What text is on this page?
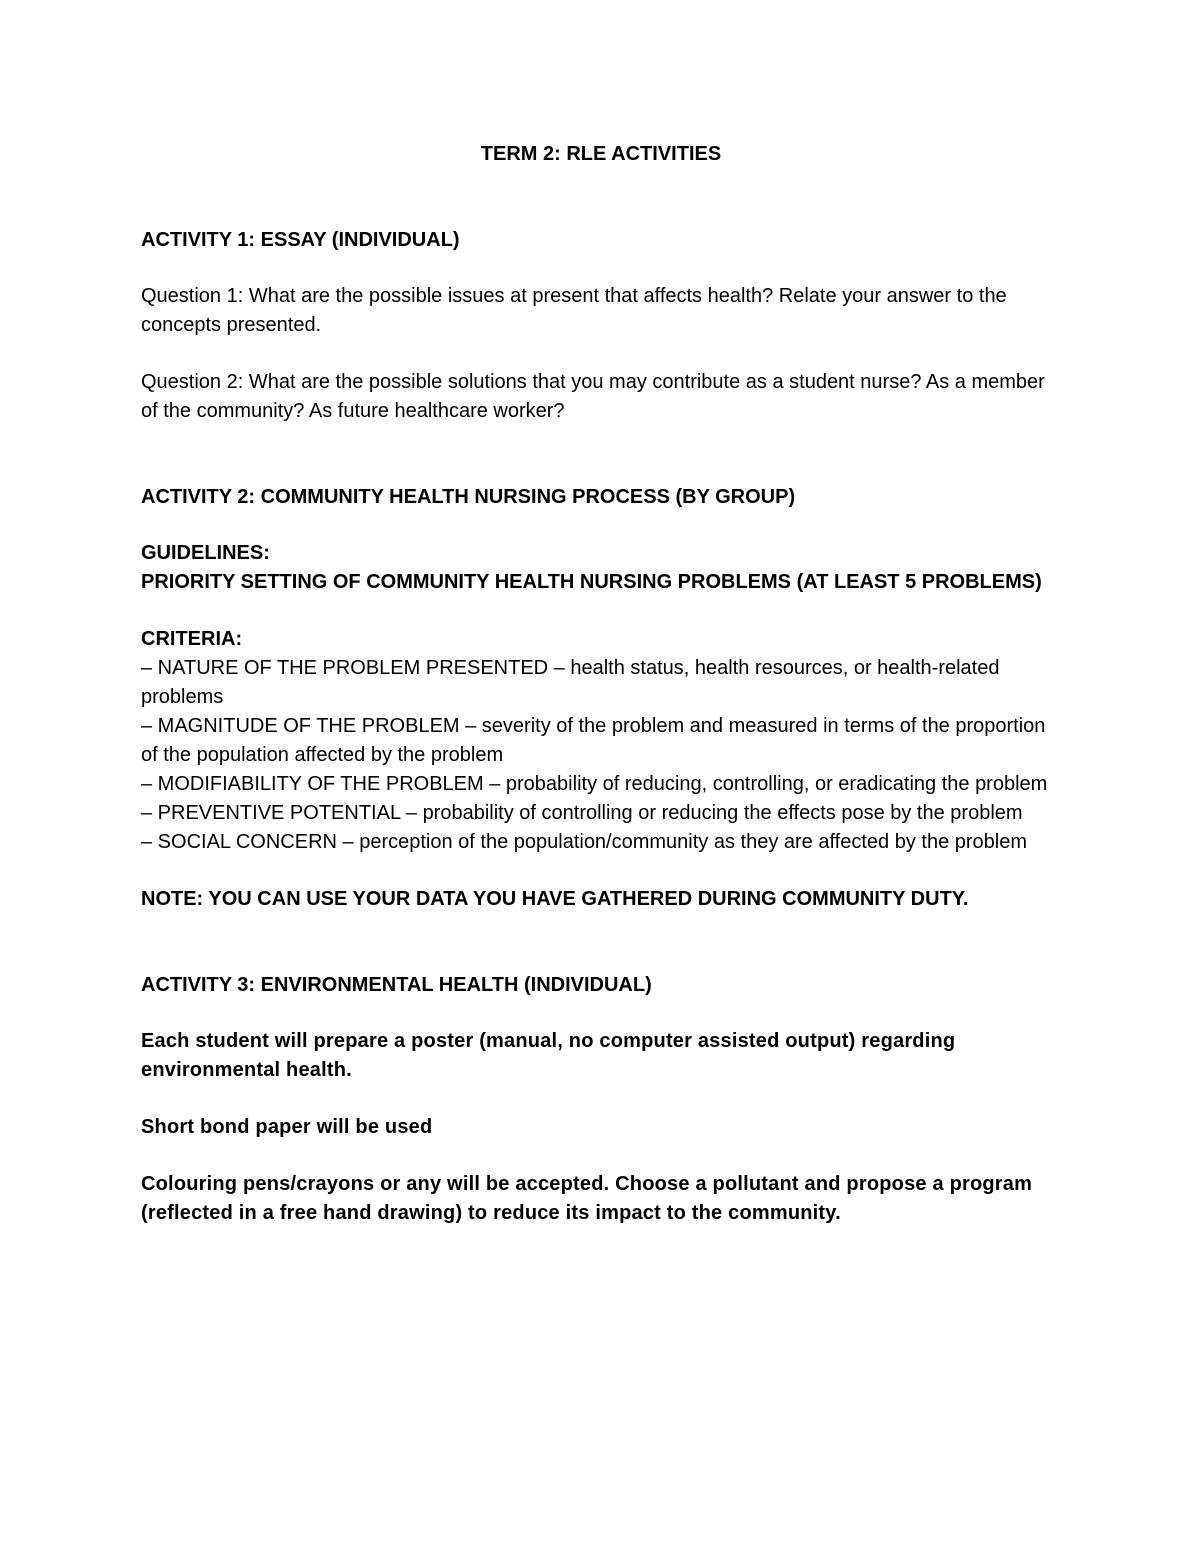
TERM 2: RLE ACTIVITIES

ACTIVITY 1: ESSAY (INDIVIDUAL)

Question 1: What are the possible issues at present that affects health? Relate your answer to the concepts presented.

Question 2: What are the possible solutions that you may contribute as a student nurse? As a member of the community? As future healthcare worker?

ACTIVITY 2: COMMUNITY HEALTH NURSING PROCESS (BY GROUP)

GUIDELINES:

PRIORITY SETTING OF COMMUNITY HEALTH NURSING PROBLEMS (AT LEAST 5 PROBLEMS)

CRITERIA:

– NATURE OF THE PROBLEM PRESENTED – health status, health resources, or health-related problems
– MAGNITUDE OF THE PROBLEM – severity of the problem and measured in terms of the proportion of the population affected by the problem
– MODIFIABILITY OF THE PROBLEM – probability of reducing, controlling, or eradicating the problem
– PREVENTIVE POTENTIAL – probability of controlling or reducing the effects pose by the problem
– SOCIAL CONCERN – perception of the population/community as they are affected by the problem

NOTE: YOU CAN USE YOUR DATA YOU HAVE GATHERED DURING COMMUNITY DUTY.

ACTIVITY 3: ENVIRONMENTAL HEALTH (INDIVIDUAL)

Each student will prepare a poster (manual, no computer assisted output) regarding environmental health.

Short bond paper will be used

Colouring pens/crayons or any will be accepted. Choose a pollutant and propose a program (reflected in a free hand drawing) to reduce its impact to the community.
